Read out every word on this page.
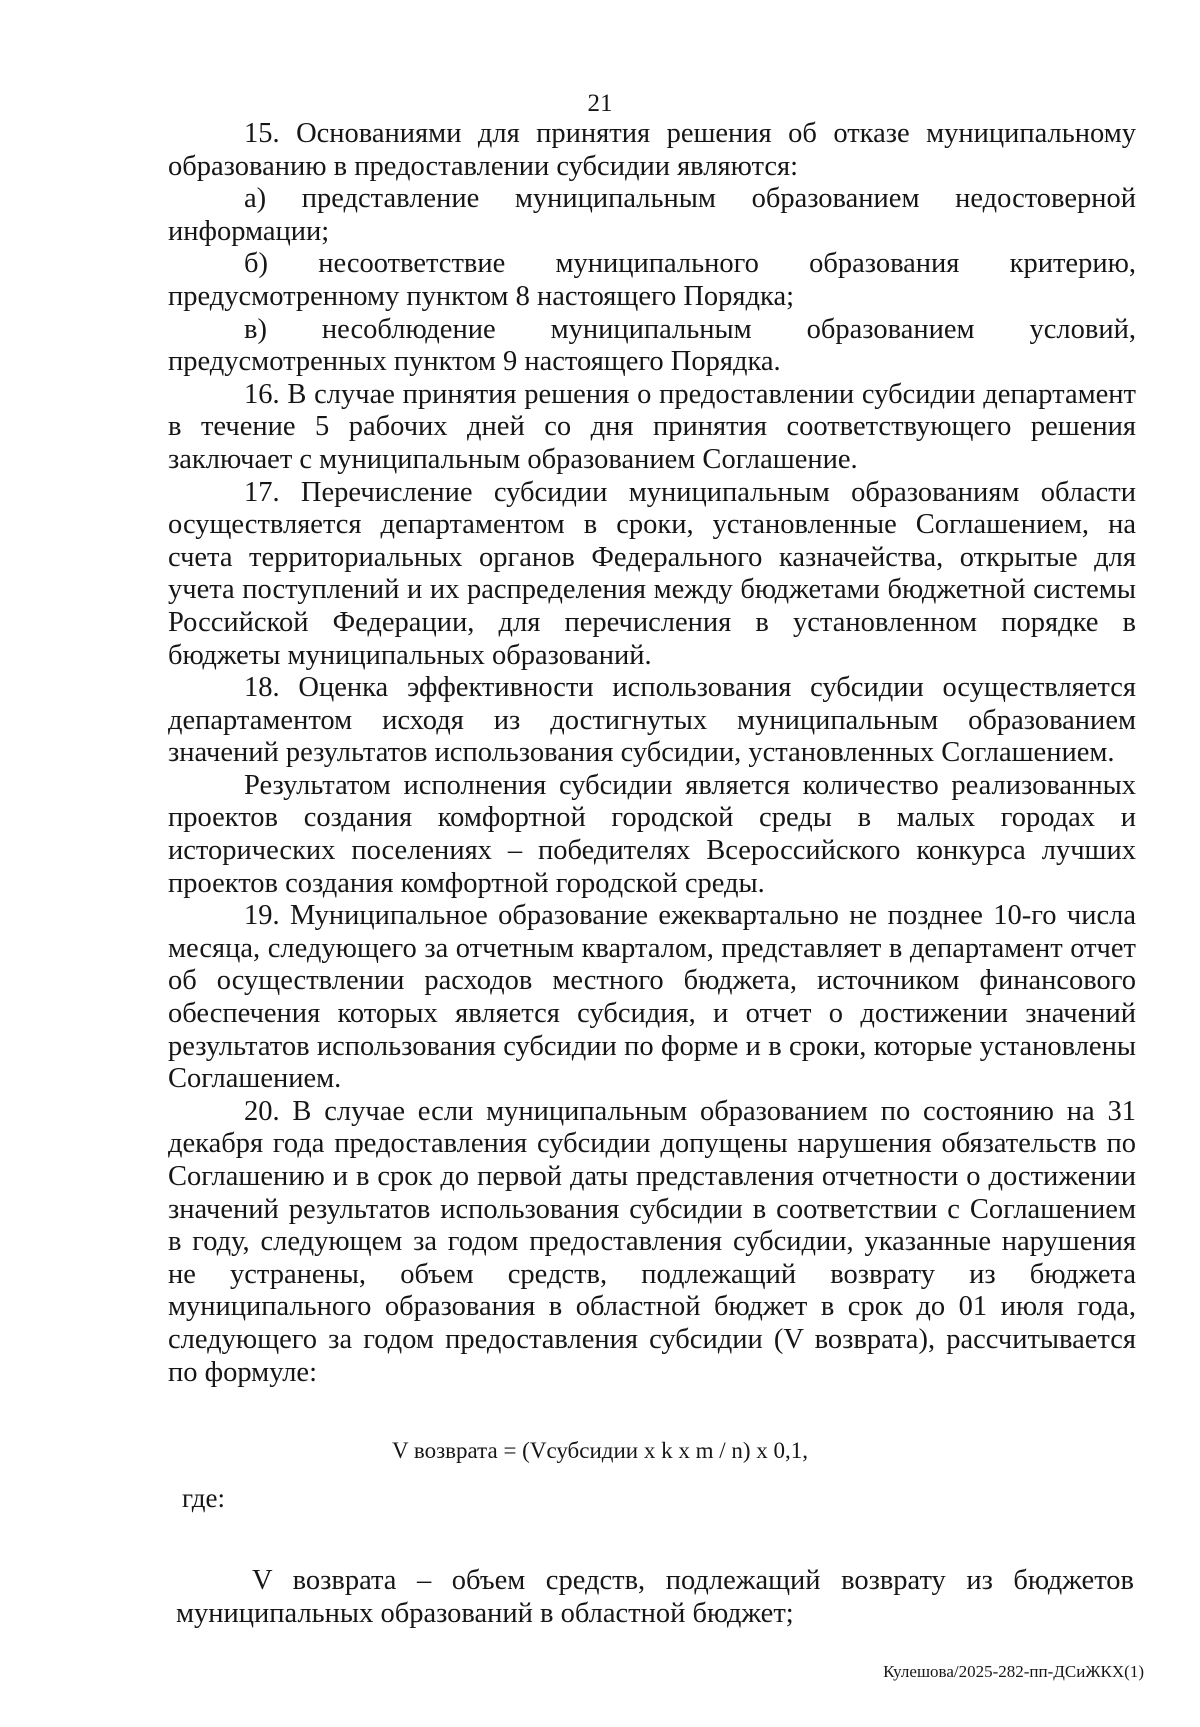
21

15. Основаниями для принятия решения об отказе муниципальному образованию в предоставлении субсидии являются:

а) представление муниципальным образованием недостоверной информации;

б) несоответствие муниципального образования критерию, предусмотренному пунктом 8 настоящего Порядка;

в) несоблюдение муниципальным образованием условий, предусмотренных пунктом 9 настоящего Порядка.

16. В случае принятия решения о предоставлении субсидии департамент в течение 5 рабочих дней со дня принятия соответствующего решения заключает с муниципальным образованием Соглашение.

17. Перечисление субсидии муниципальным образованиям области осуществляется департаментом в сроки, установленные Соглашением, на счета территориальных органов Федерального казначейства, открытые для учета поступлений и их распределения между бюджетами бюджетной системы Российской Федерации, для перечисления в установленном порядке в бюджеты муниципальных образований.

18. Оценка эффективности использования субсидии осуществляется департаментом исходя из достигнутых муниципальным образованием значений результатов использования субсидии, установленных Соглашением.

Результатом исполнения субсидии является количество реализованных проектов создания комфортной городской среды в малых городах и исторических поселениях – победителях Всероссийского конкурса лучших проектов создания комфортной городской среды.

19. Муниципальное образование ежеквартально не позднее 10-го числа месяца, следующего за отчетным кварталом, представляет в департамент отчет об осуществлении расходов местного бюджета, источником финансового обеспечения которых является субсидия, и отчет о достижении значений результатов использования субсидии по форме и в сроки, которые установлены Соглашением.

20. В случае если муниципальным образованием по состоянию на 31 декабря года предоставления субсидии допущены нарушения обязательств по Соглашению и в срок до первой даты представления отчетности о достижении значений результатов использования субсидии в соответствии с Соглашением в году, следующем за годом предоставления субсидии, указанные нарушения не устранены, объем средств, подлежащий возврату из бюджета муниципального образования в областной бюджет в срок до 01 июля года, следующего за годом предоставления субсидии (V возврата), рассчитывается по формуле:

V возврата = (Vсубсидии x k x m / n) x 0,1,
где:

V возврата – объем средств, подлежащий возврату из бюджетов муниципальных образований в областной бюджет;

Кулешова/2025-282-пп-ДСиЖКХ(1)
